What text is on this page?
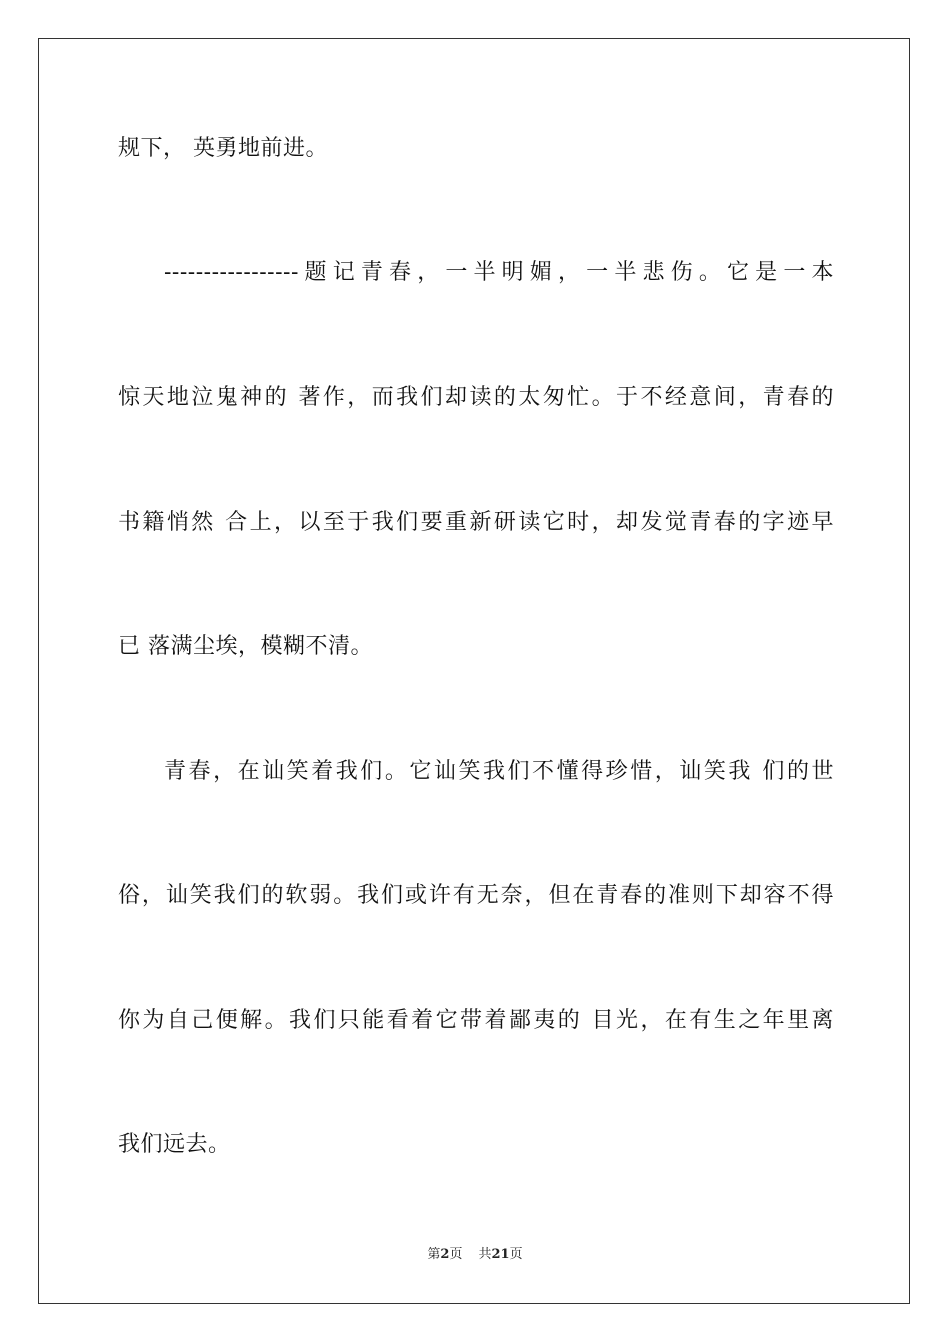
规下， 英勇地前进。
-----------------题记青春，一半明媚，一半悲伤。它是一本
惊天地泣鬼神的 著作，而我们却读的太匆忙。于不经意间，青春的
书籍悄然 合上，以至于我们要重新研读它时，却发觉青春的字迹早
已 落满尘埃，模糊不清。
青春，在讪笑着我们。它讪笑我们不懂得珍惜，讪笑我 们的世
俗，讪笑我们的软弱。我们或许有无奈，但在青春的准则下却容不得
你为自己便解。我们只能看着它带着鄙夷的 目光，在有生之年里离
我们远去。
第2页 共21页
